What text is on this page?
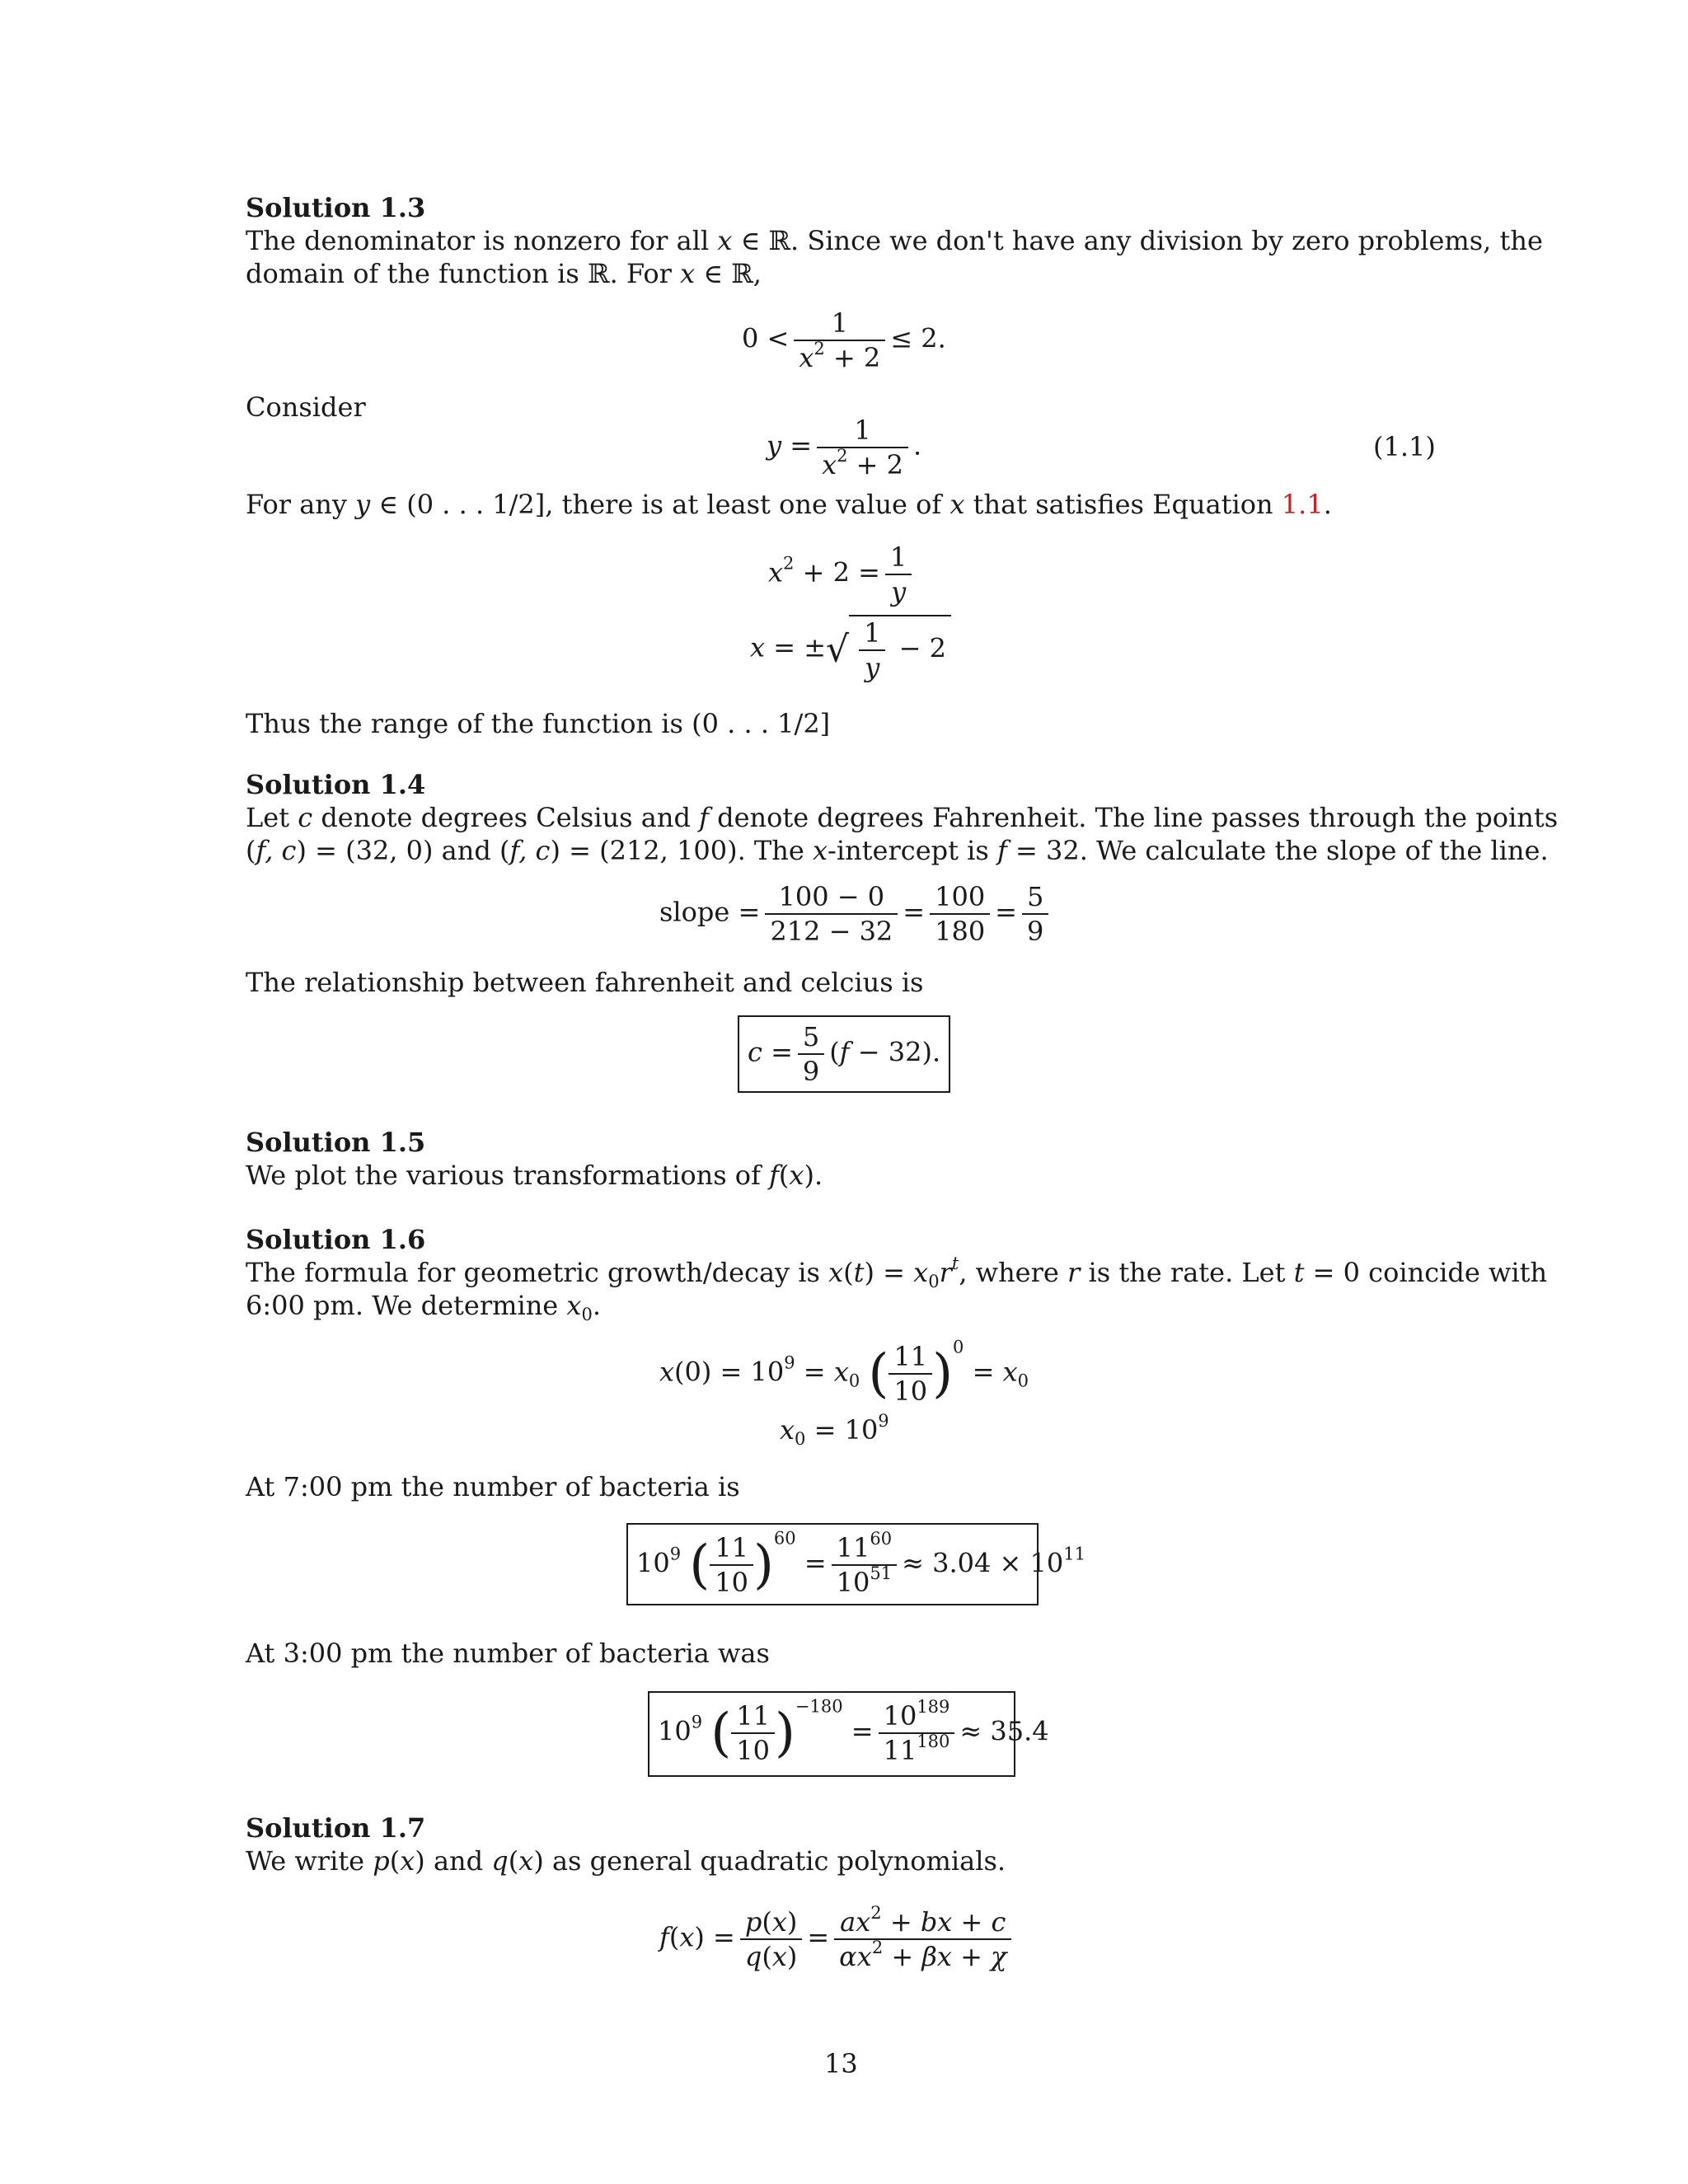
Solution 1.3
The denominator is nonzero for all x ∈ ℝ. Since we don't have any division by zero problems, the
domain of the function is ℝ. For x ∈ ℝ,
$0 < \frac{1}{x^2 + 2} \le 2$.
Consider
$y = \frac{1}{x^2 + 2}$ .	(1.1)
For any y ∈ (0 . . . 1/2], there is at least one value of x that satisfies Equation 1.1.
$x^2 + 2 = \frac{1}{y}$
x = ±√ $\frac{1}{y} - 2$
Thus the range of the function is (0 . . . 1/2]
Solution 1.4
Let c denote degrees Celsius and f denote degrees Fahrenheit. The line passes through the points
(f, c) = (32, 0) and (f, c) = (212, 100). The x-intercept is f = 32. We calculate the slope of the line.
slope = $\frac{100 - 0}{212 - 32} = \frac{100}{180} = \frac{5}{9}$
The relationship between fahrenheit and celcius is
$c = \frac{5}{9} (f - 32)$.
Solution 1.5
We plot the various transformations of f(x).
Solution 1.6
The formula for geometric growth/decay is $x(t) = x_0r^t$, where r is the rate. Let t = 0 coincide with
6:00 pm. We determine $x_0$.
$x(0) = 10^9 = x_0$ ( $\frac{11}{10} )^0 = x_0$
$x_0 = 10^9$
At 7:00 pm the number of bacteria is
$10^9$ ( $\frac{11}{10} )^{60} = \frac{11^{60}}{10^{51}} \approx 3.04 \times 10^{11}$
At 3:00 pm the number of bacteria was
$10^9$ ( $\frac{11}{10} )^{-180} = \frac{10^{189}}{11^{180}} \approx 35.4$
Solution 1.7
We write p(x) and q(x) as general quadratic polynomials.
$f(x) = \frac{p(x)}{q(x)} = \frac{ax^2 + bx + c}{\alpha x^2 + \beta x + \chi}$
13
